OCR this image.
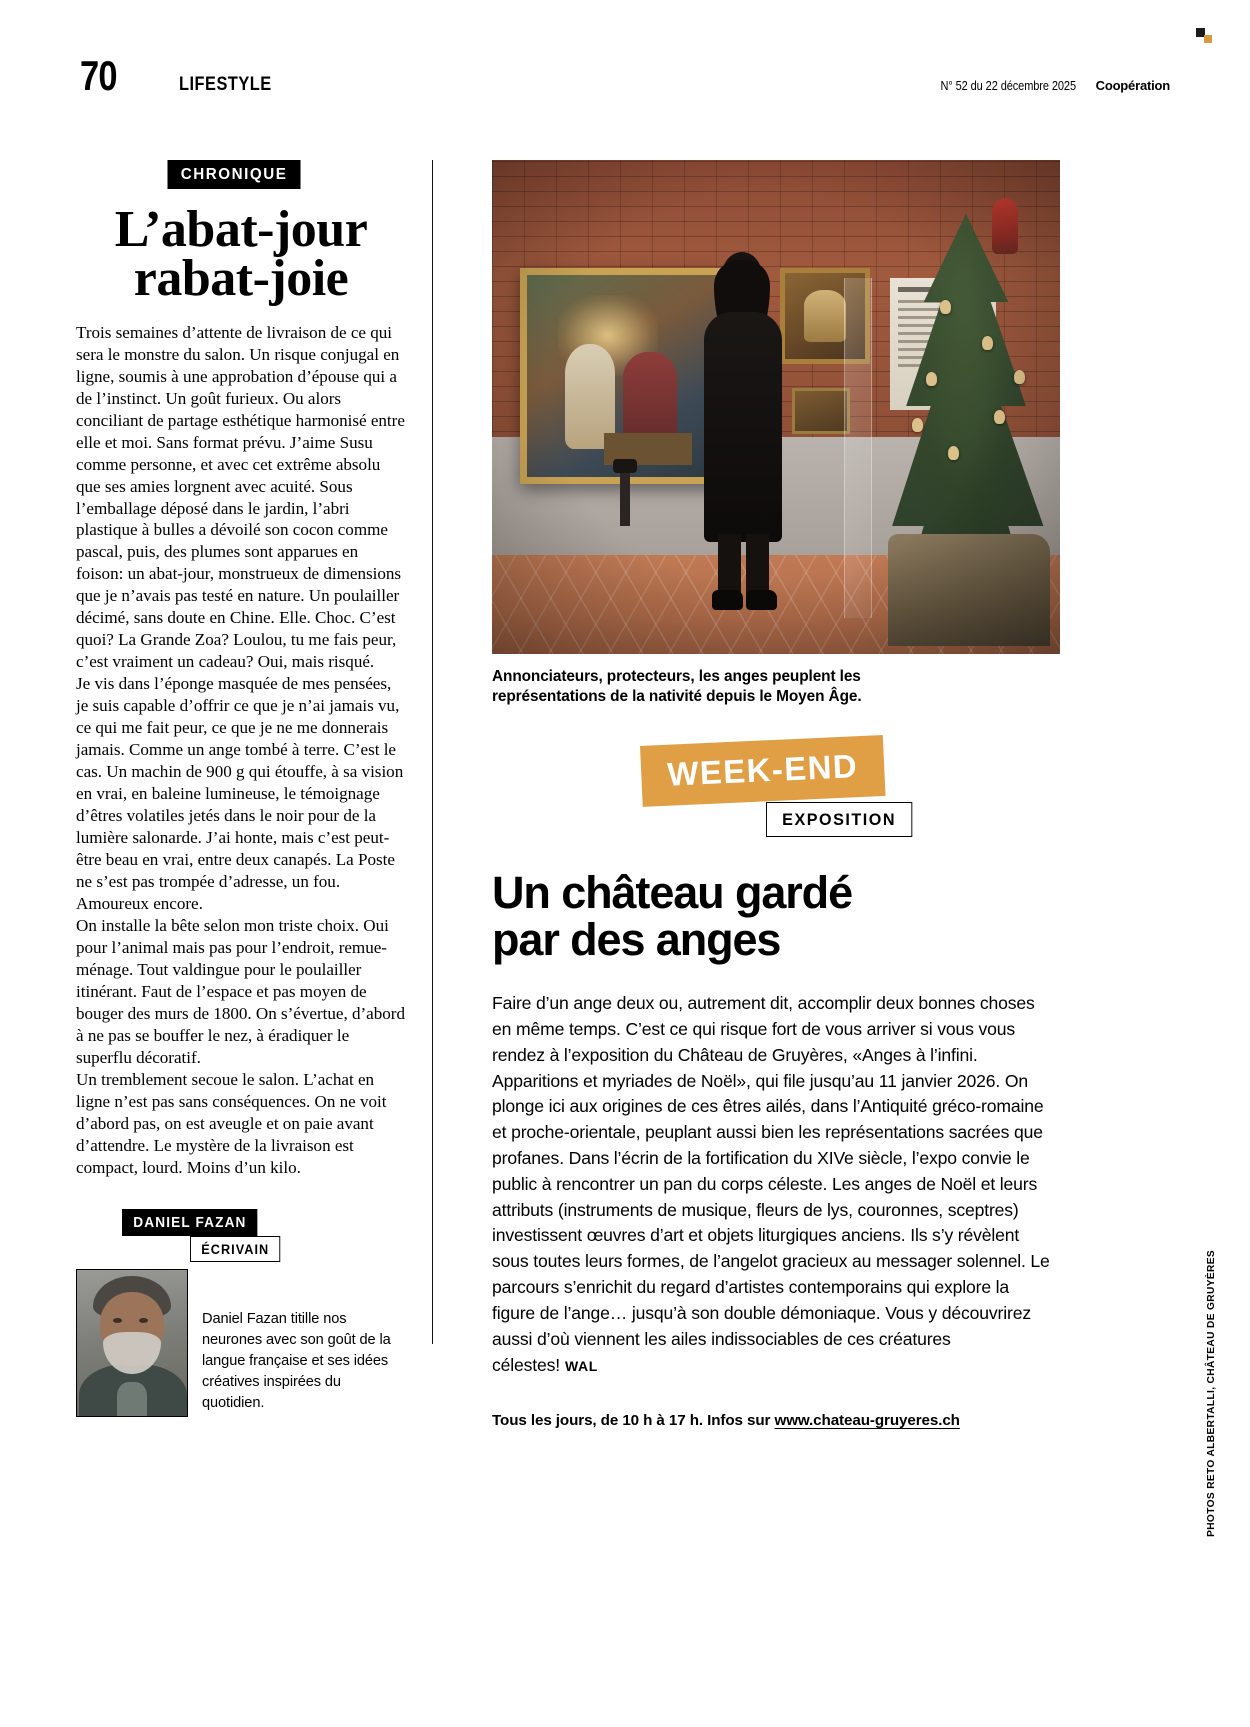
70	LIFESTYLE	N° 52 du 22 décembre 2025 Coopération
CHRONIQUE
L’abat-jour
rabat-joie

Trois semaines d’attente de livraison de ce qui sera le monstre du salon. Un risque conjugal en ligne, soumis à une approbation d’épouse qui a de l’instinct. Un goût furieux. Ou alors conciliant de partage esthétique harmonisé entre elle et moi. Sans format prévu. J’aime Susu comme personne, et avec cet extrême absolu que ses amies lorgnent avec acuité. Sous l’emballage déposé dans le jardin, l’abri plastique à bulles a dévoilé son cocon comme pascal, puis, des plumes sont apparues en foison: un abat-jour, monstrueux de dimensions que je n’avais pas testé en nature. Un poulailler décimé, sans doute en Chine. Elle. Choc. C’est quoi? La Grande Zoa? Loulou, tu me fais peur, c’est vraiment un cadeau? Oui, mais risqué.

Je vis dans l’éponge masquée de mes pensées, je suis capable d’offrir ce que je n’ai jamais vu, ce qui me fait peur, ce que je ne me donnerais jamais. Comme un ange tombé à terre. C’est le cas. Un machin de 900 g qui étouffe, à sa vision en vrai, en baleine lumineuse, le témoignage d’êtres volatiles jetés dans le noir pour de la lumière salonarde. J’ai honte, mais c’est peut-être beau en vrai, entre deux canapés. La Poste ne s’est pas trompée d’adresse, un fou. Amoureux encore.

On installe la bête selon mon triste choix. Oui pour l’animal mais pas pour l’endroit, remue-ménage. Tout valdingue pour le poulailler itinérant. Faut de l’espace et pas moyen de bouger des murs de 1800. On s’évertue, d’abord à ne pas se bouffer le nez, à éradiquer le superflu décoratif.

Un tremblement secoue le salon. L’achat en ligne n’est pas sans conséquences. On ne voit d’abord pas, on est aveugle et on paie avant d’attendre. Le mystère de la livraison est compact, lourd. Moins d’un kilo.

DANIEL FAZAN
ÉCRIVAIN
Daniel Fazan titille nos neurones avec son goût de la langue française et ses idées créatives inspirées du quotidien.
Annonciateurs, protecteurs, les anges peuplent les représentations de la nativité depuis le Moyen Âge.
WEEK-END
EXPOSITION
Un château gardé
par des anges

Faire d’un ange deux ou, autrement dit, accomplir deux bonnes choses en même temps. C’est ce qui risque fort de vous arriver si vous vous rendez à l’exposition du Château de Gruyères, «Anges à l’infini. Apparitions et myriades de Noël», qui file jusqu’au 11 janvier 2026. On plonge ici aux origines de ces êtres ailés, dans l’Antiquité gréco-romaine et proche-orientale, peuplant aussi bien les représentations sacrées que profanes. Dans l’écrin de la fortification du XIVe siècle, l’expo convie le public à rencontrer un pan du corps céleste. Les anges de Noël et leurs attributs (instruments de musique, fleurs de lys, couronnes, sceptres) investissent œuvres d’art et objets liturgiques anciens. Ils s’y révèlent sous toutes leurs formes, de l’angelot gracieux au messager solennel. Le parcours s’enrichit du regard d’artistes contemporains qui explore la figure de l’ange… jusqu’à son double démoniaque. Vous y découvrirez aussi d’où viennent les ailes indissociables de ces créatures célestes! WAL

Tous les jours, de 10 h à 17 h. Infos sur www.chateau-gruyeres.ch	PHOTOS RETO ALBERTALLI, CHÂTEAU DE GRUYÈRES
